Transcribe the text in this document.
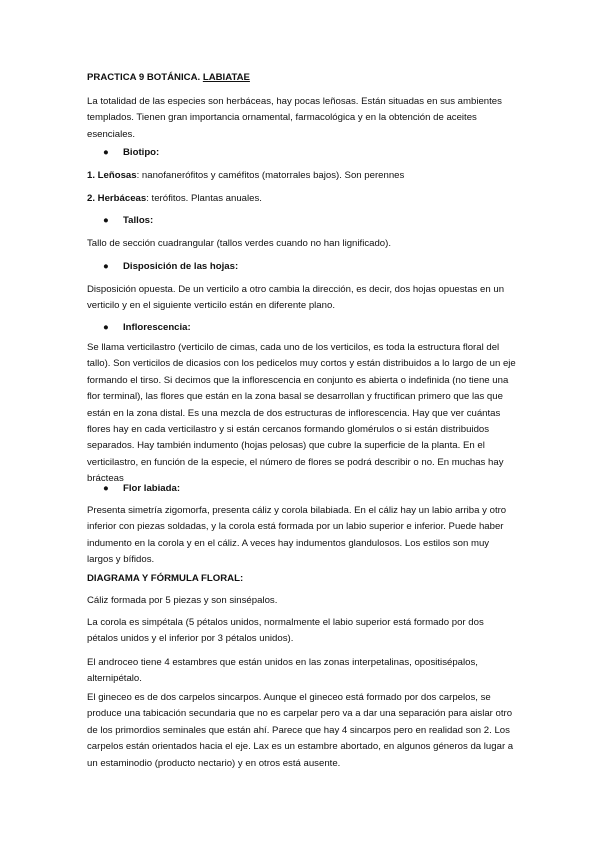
PRACTICA 9 BOTÁNICA. LABIATAE
La totalidad de las especies son herbáceas, hay pocas leñosas. Están situadas en sus ambientes templados. Tienen gran importancia ornamental, farmacológica y en la obtención de aceites esenciales.
● Biotipo:
1. Leñosas: nanofanerófitos y caméfitos (matorrales bajos). Son perennes
2. Herbáceas: terófitos. Plantas anuales.
● Tallos:
Tallo de sección cuadrangular (tallos verdes cuando no han lignificado).
● Disposición de las hojas:
Disposición opuesta. De un verticilo a otro cambia la dirección, es decir, dos hojas opuestas en un verticilo y en el siguiente verticilo están en diferente plano.
● Inflorescencia:
Se llama verticilastro (verticilo de cimas, cada uno de los verticilos, es toda la estructura floral del tallo). Son verticilos de dicasios con los pedicelos muy cortos y están distribuidos a lo largo de un eje formando el tirso. Si decimos que la inflorescencia en conjunto es abierta o indefinida (no tiene una flor terminal), las flores que están en la zona basal se desarrollan y fructifican primero que las que están en la zona distal. Es una mezcla de dos estructuras de inflorescencia. Hay que ver cuántas flores hay en cada verticilastro y si están cercanos formando glomérulos o si están distribuidos separados. Hay también indumento (hojas pelosas) que cubre la superficie de la planta. En el verticilastro, en función de la especie, el número de flores se podrá describir o no. En muchas hay brácteas
● Flor labiada:
Presenta simetría zigomorfa, presenta cáliz y corola bilabiada. En el cáliz hay un labio arriba y otro inferior con piezas soldadas, y la corola está formada por un labio superior e inferior. Puede haber indumento en la corola y en el cáliz. A veces hay indumentos glandulosos. Los estilos son muy largos y bífidos.
DIAGRAMA Y FÓRMULA FLORAL:
Cáliz formada por 5 piezas y son sinsépalos.
La corola es simpétala (5 pétalos unidos, normalmente el labio superior está formado por dos pétalos unidos y el inferior por 3 pétalos unidos).
El androceo tiene 4 estambres que están unidos en las zonas interpetalinas, opositisépalos, alternipétalo.
El gineceo es de dos carpelos sincarpos. Aunque el gineceo está formado por dos carpelos, se produce una tabicación secundaria que no es carpelar pero va a dar una separación para aislar otro de los primordios seminales que están ahí. Parece que hay 4 sincarpos pero en realidad son 2. Los carpelos están orientados hacia el eje. Lax es un estambre abortado, en algunos géneros da lugar a un estaminodio (producto nectario) y en otros está ausente.
